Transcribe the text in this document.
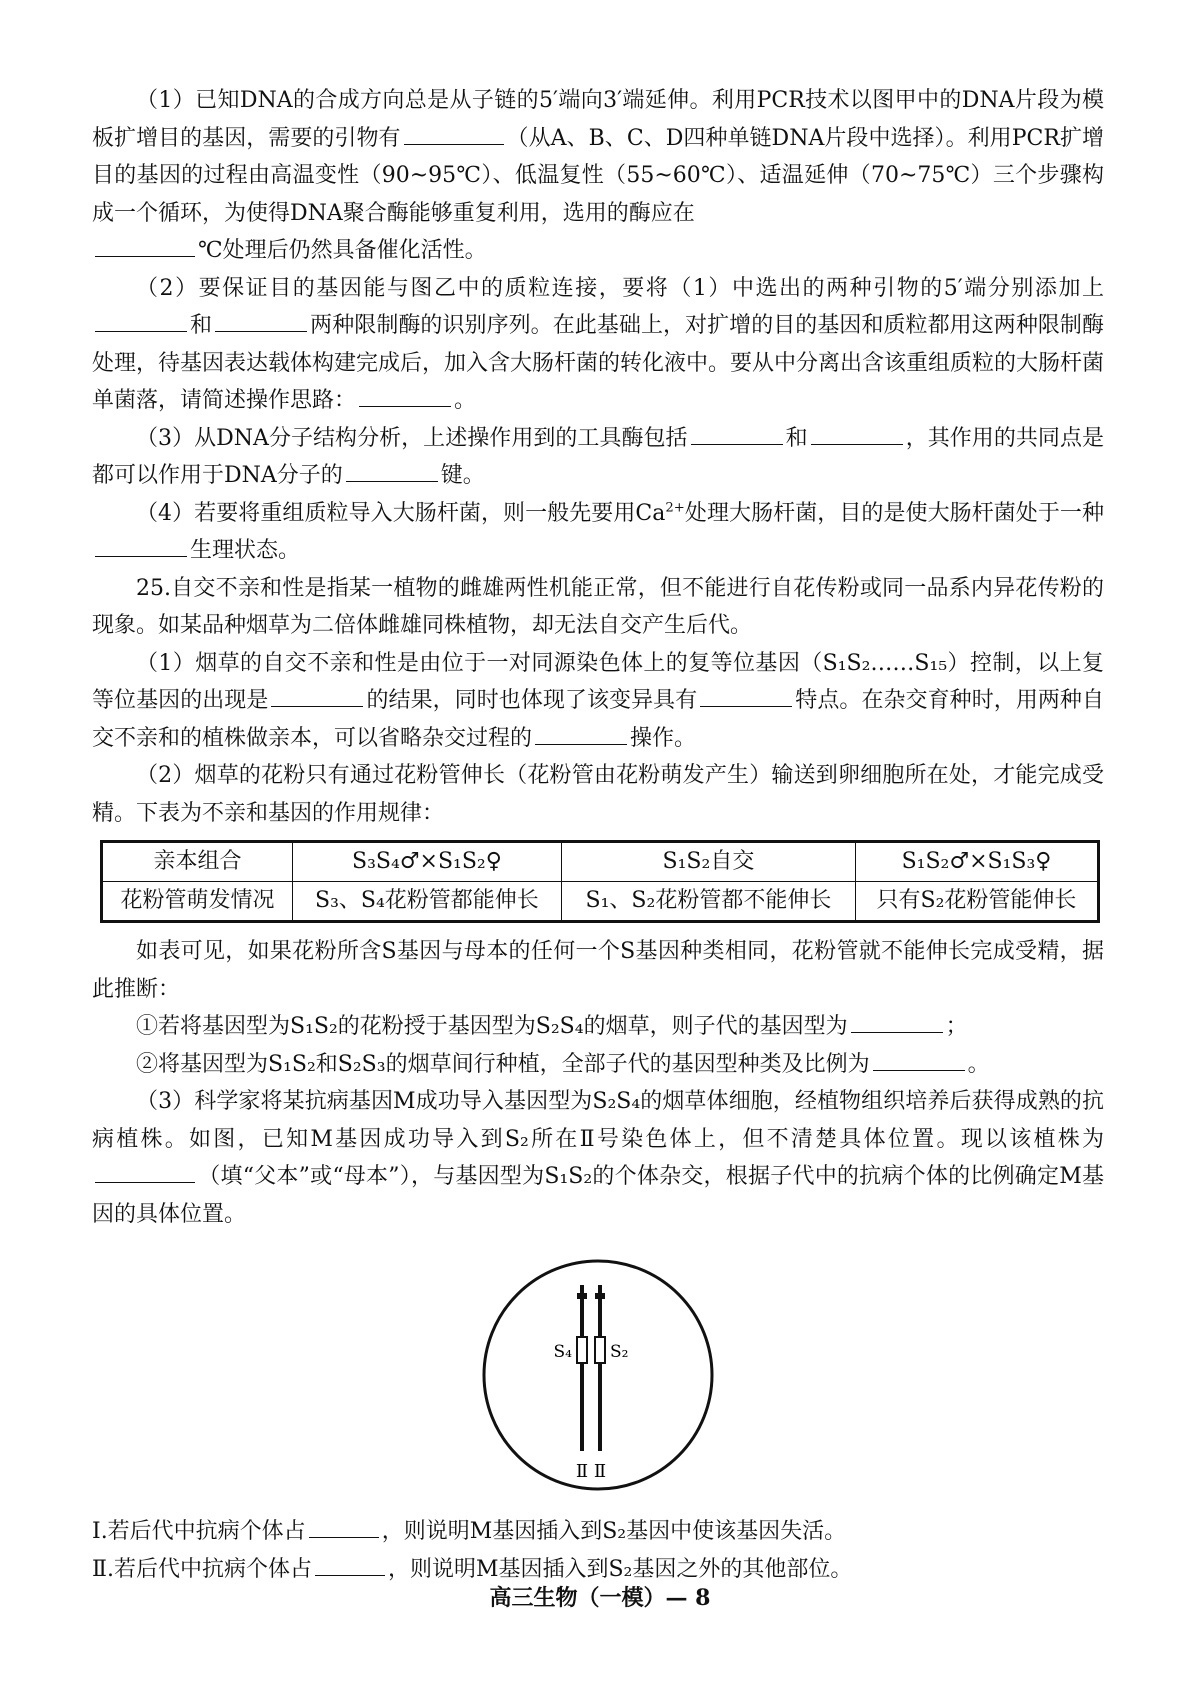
（1）已知DNA的合成方向总是从子链的5′端向3′端延伸。利用PCR技术以图甲中的DNA片段为模板扩增目的基因，需要的引物有	（从A、B、C、D四种单链DNA片段中选择）。利用PCR扩增目的基因的过程由高温变性（90~95℃）、低温复性（55~60℃）、适温延伸（70~75℃）三个步骤构成一个循环，为使得DNA聚合酶能够重复利用，选用的酶应在
℃处理后仍然具备催化活性。

（2）要保证目的基因能与图乙中的质粒连接，要将（1）中选出的两种引物的5′端分别添加上和	两种限制酶的识别序列。在此基础上，对扩增的目的基因和质粒都用这两种限制酶处理，待基因表达载体构建完成后，加入含大肠杆菌的转化液中。要从中分离出含该重组质粒的大肠杆菌单菌落，请简述操作思路：	。

（3）从DNA分子结构分析，上述操作用到的工具酶包括	和	，其作用的共同点是都可以作用于DNA分子的	键。

（4）若要将重组质粒导入大肠杆菌，则一般先要用$Ca^{2+}$处理大肠杆菌，目的是使大肠杆菌处于一种生理状态。

25.自交不亲和性是指某一植物的雌雄两性机能正常，但不能进行自花传粉或同一品系内异花传粉的现象。如某品种烟草为二倍体雌雄同株植物，却无法自交产生后代。

（1）烟草的自交不亲和性是由位于一对同源染色体上的复等位基因（S₁S₂……S₁₅）控制，以上复等位基因的出现是	的结果，同时也体现了该变异具有	特点。在杂交育种时，用两种自交不亲和的植株做亲本，可以省略杂交过程的	操作。

（2）烟草的花粉只有通过花粉管伸长（花粉管由花粉萌发产生）输送到卵细胞所在处，才能完成受精。下表为不亲和基因的作用规律：

亲本组合	S₃S₄♂×S₁S₂♀	S₁S₂自交	S₁S₂♂×S₁S₃♀
花粉管萌发情况	S₃、S₄花粉管都能伸长	S₁、S₂花粉管都不能伸长	只有S₂花粉管能伸长

如表可见，如果花粉所含S基因与母本的任何一个S基因种类相同，花粉管就不能伸长完成受精，据此推断：

①若将基因型为S₁S₂的花粉授于基因型为S₂S₄的烟草，则子代的基因型为	；

②将基因型为S₁S₂和S₂S₃的烟草间行种植，全部子代的基因型种类及比例为	。

（3）科学家将某抗病基因M成功导入基因型为S₂S₄的烟草体细胞，经植物组织培养后获得成熟的抗病植株。如图，已知M基因成功导入到S₂所在Ⅱ号染色体上，但不清楚具体位置。现以该植株为（填“父本”或“母本”），与基因型为S₁S₂的个体杂交，根据子代中的抗病个体的比例确定M基因的具体位置。

S₄ S₂
Ⅱ Ⅱ

Ⅰ.若后代中抗病个体占	，则说明M基因插入到S₂基因中使该基因失活。

Ⅱ.若后代中抗病个体占	，则说明M基因插入到S₂基因之外的其他部位。

高三生物（一模）— 8
